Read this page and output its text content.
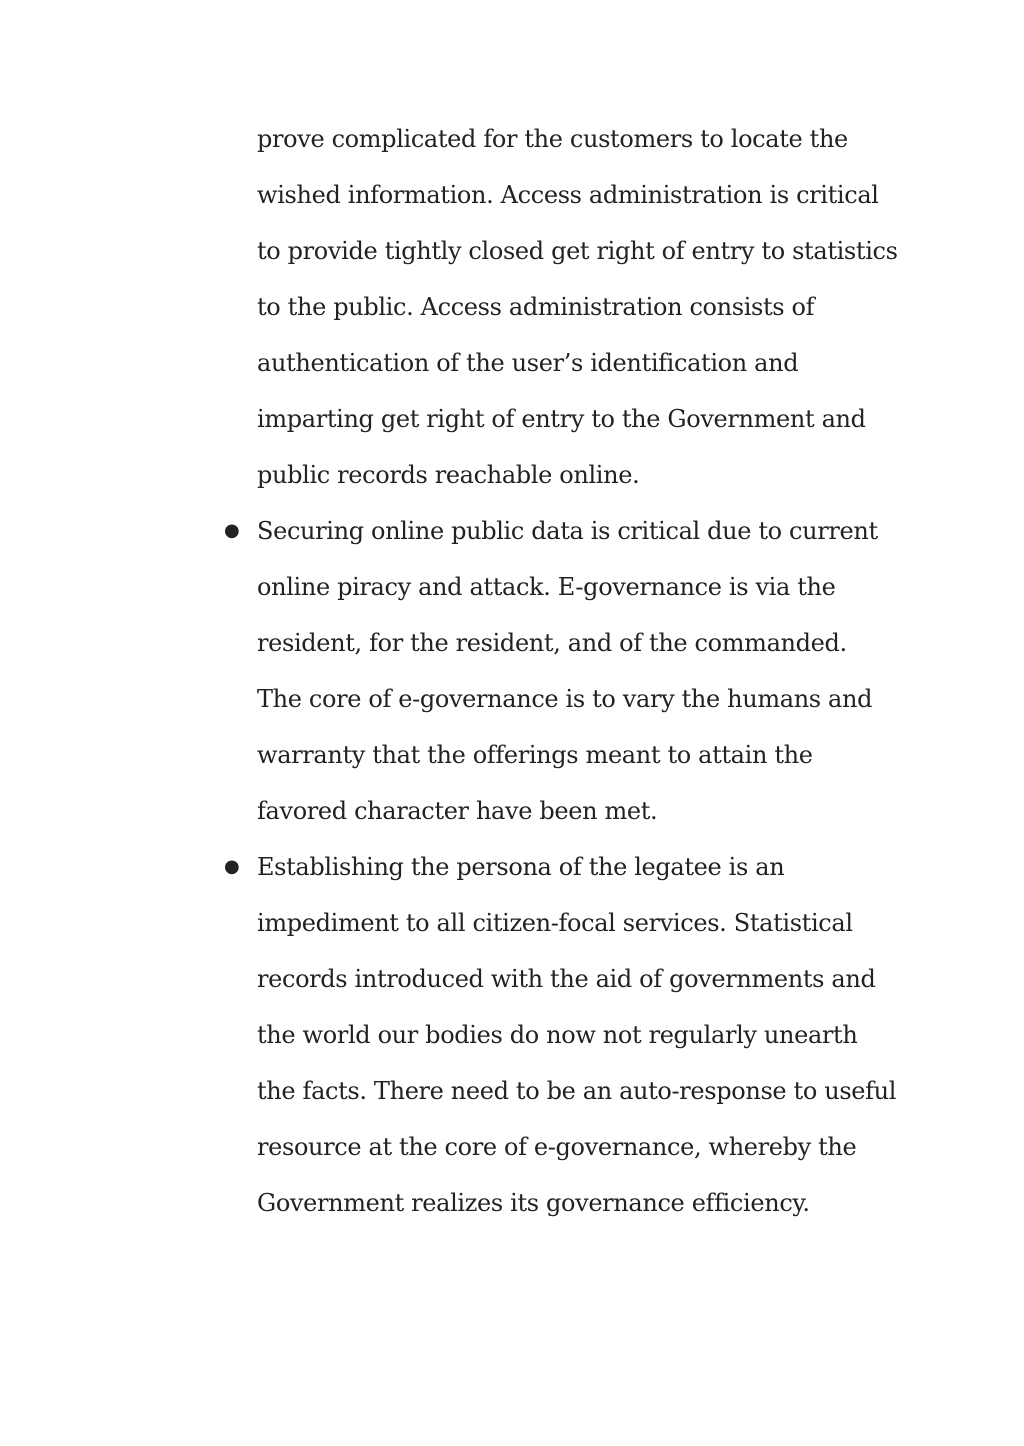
prove complicated for the customers to locate the
wished information. Access administration is critical
to provide tightly closed get right of entry to statistics
to the public. Access administration consists of
authentication of the user’s identification and
imparting get right of entry to the Government and
public records reachable online.
● Securing online public data is critical due to current
online piracy and attack. E-governance is via the
resident, for the resident, and of the commanded.
The core of e-governance is to vary the humans and
warranty that the offerings meant to attain the
favored character have been met.
● Establishing the persona of the legatee is an
impediment to all citizen-focal services. Statistical
records introduced with the aid of governments and
the world our bodies do now not regularly unearth
the facts. There need to be an auto-response to useful
resource at the core of e-governance, whereby the
Government realizes its governance efficiency.
